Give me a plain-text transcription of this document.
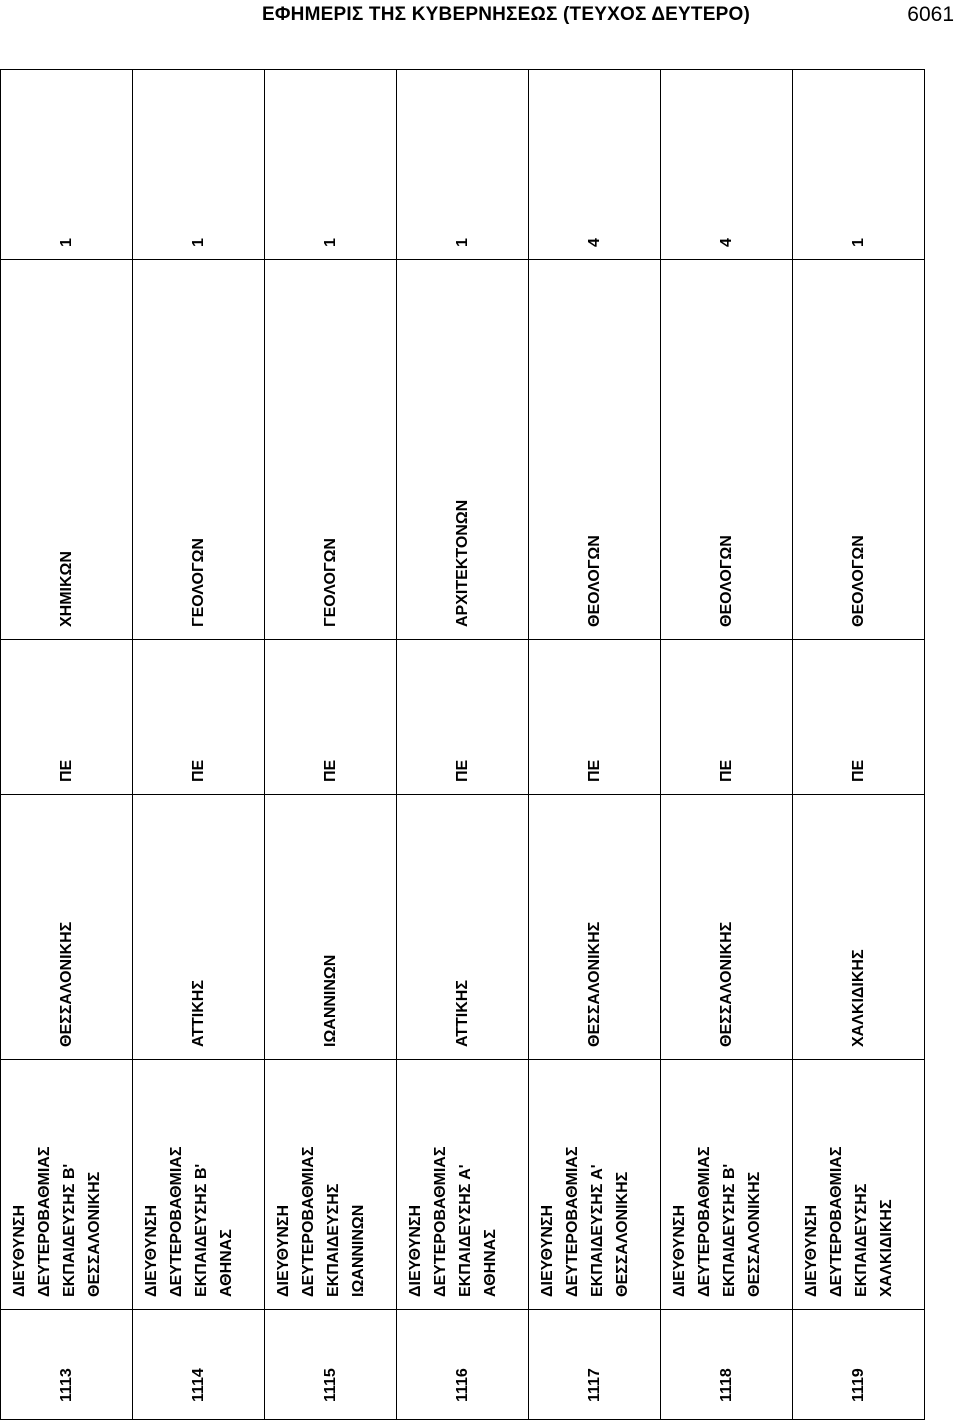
ΕΦΗΜΕΡΙΣ ΤΗΣ ΚΥΒΕΡΝΗΣΕΩΣ (ΤΕΥΧΟΣ ΔΕΥΤΕΡΟ)	6061
1113	ΔΙΕΥΘΥΝΣΗ ΔΕΥΤΕΡΟΒΑΘΜΙΑΣ ΕΚΠΑΙΔΕΥΣΗΣ Β' ΘΕΣΣΑΛΟΝΙΚΗΣ	ΘΕΣΣΑΛΟΝΙΚΗΣ	ΠΕ	ΧΗΜΙΚΩΝ	1
1114	ΔΙΕΥΘΥΝΣΗ ΔΕΥΤΕΡΟΒΑΘΜΙΑΣ ΕΚΠΑΙΔΕΥΣΗΣ Β' ΑΘΗΝΑΣ	ΑΤΤΙΚΗΣ	ΠΕ	ΓΕΟΛΟΓΩΝ	1
1115	ΔΙΕΥΘΥΝΣΗ ΔΕΥΤΕΡΟΒΑΘΜΙΑΣ ΕΚΠΑΙΔΕΥΣΗΣ ΙΩΑΝΝΙΝΩΝ	ΙΩΑΝΝΙΝΩΝ	ΠΕ	ΓΕΟΛΟΓΩΝ	1
1116	ΔΙΕΥΘΥΝΣΗ ΔΕΥΤΕΡΟΒΑΘΜΙΑΣ ΕΚΠΑΙΔΕΥΣΗΣ Α' ΑΘΗΝΑΣ	ΑΤΤΙΚΗΣ	ΠΕ	ΑΡΧΙΤΕΚΤΟΝΩΝ	1
1117	ΔΙΕΥΘΥΝΣΗ ΔΕΥΤΕΡΟΒΑΘΜΙΑΣ ΕΚΠΑΙΔΕΥΣΗΣ Α' ΘΕΣΣΑΛΟΝΙΚΗΣ	ΘΕΣΣΑΛΟΝΙΚΗΣ	ΠΕ	ΘΕΟΛΟΓΩΝ	4
1118	ΔΙΕΥΘΥΝΣΗ ΔΕΥΤΕΡΟΒΑΘΜΙΑΣ ΕΚΠΑΙΔΕΥΣΗΣ Β' ΘΕΣΣΑΛΟΝΙΚΗΣ	ΘΕΣΣΑΛΟΝΙΚΗΣ	ΠΕ	ΘΕΟΛΟΓΩΝ	4
1119	ΔΙΕΥΘΥΝΣΗ ΔΕΥΤΕΡΟΒΑΘΜΙΑΣ ΕΚΠΑΙΔΕΥΣΗΣ ΧΑΛΚΙΔΙΚΗΣ	ΧΑΛΚΙΔΙΚΗΣ	ΠΕ	ΘΕΟΛΟΓΩΝ	1
